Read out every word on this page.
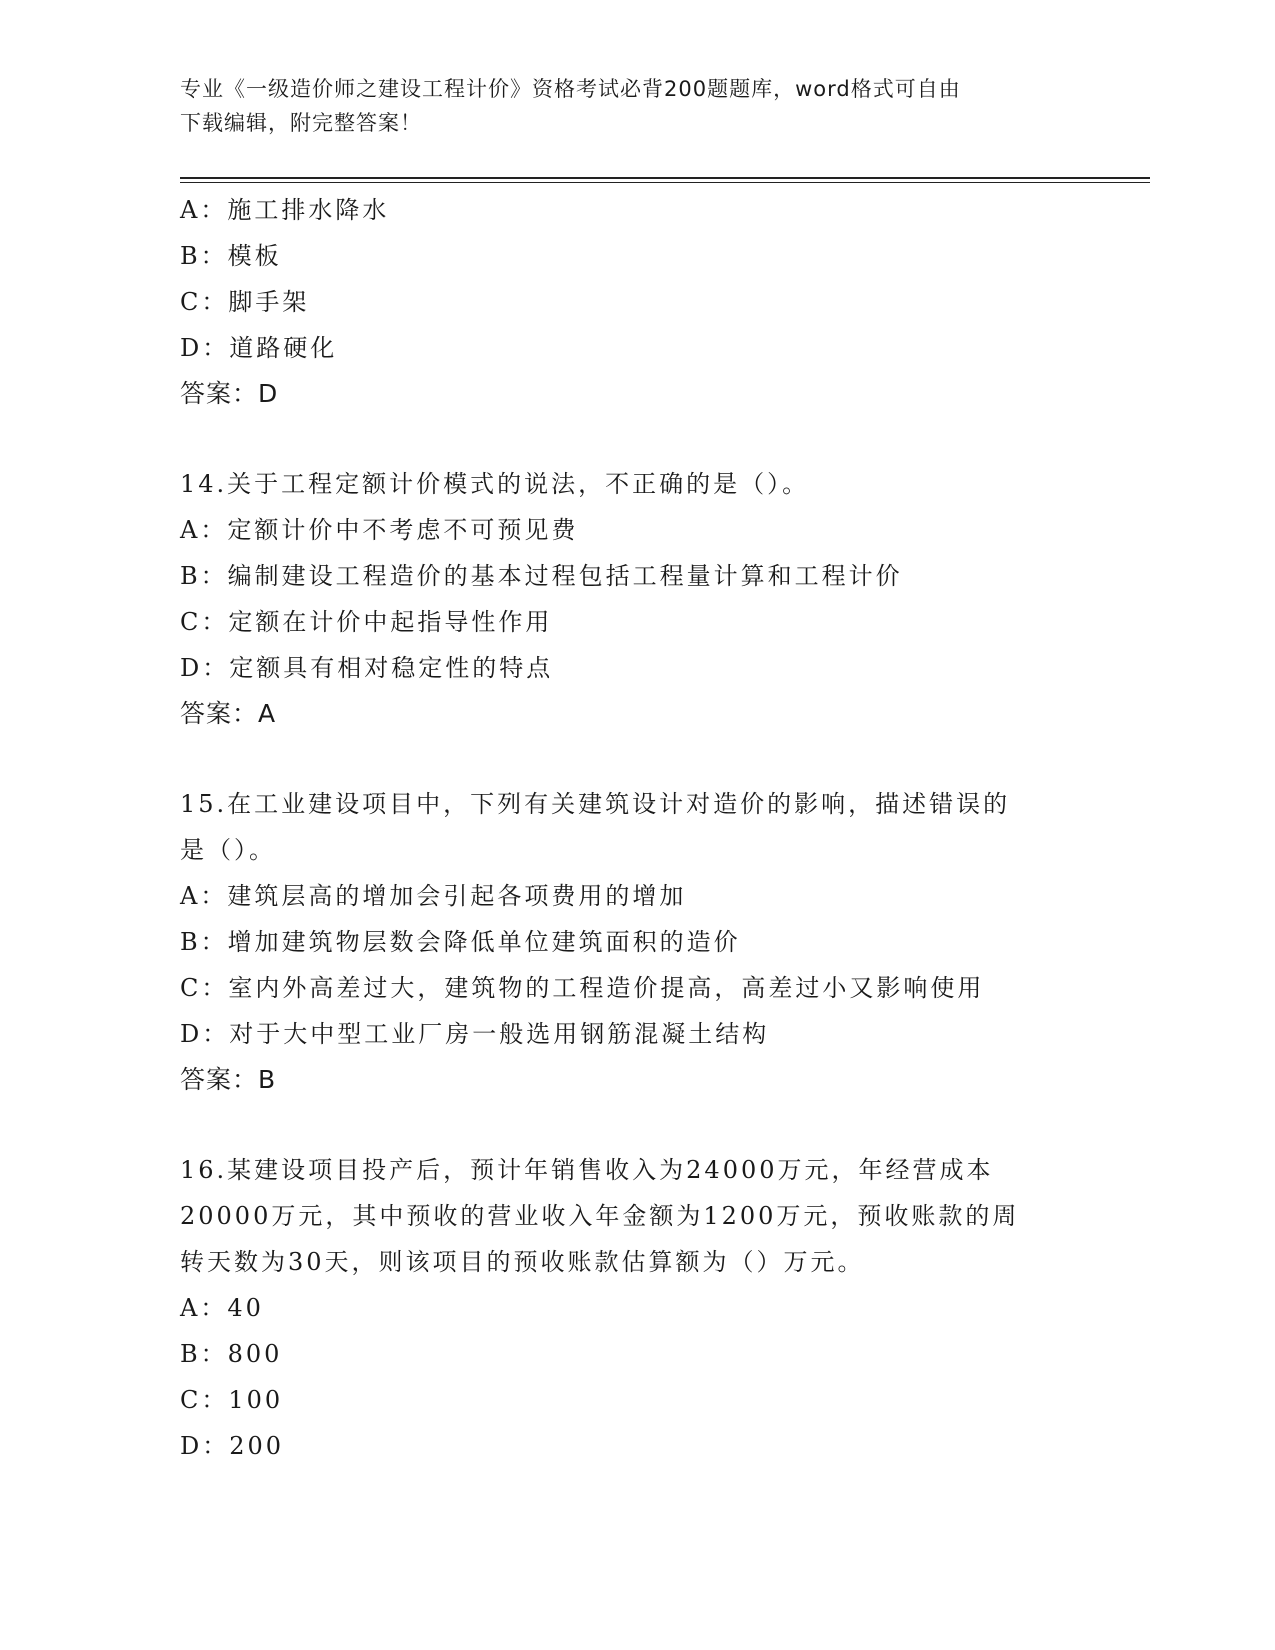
专业《一级造价师之建设工程计价》资格考试必背200题题库，word格式可自由
下载编辑，附完整答案！
A：施工排水降水
B：模板
C：脚手架
D：道路硬化
答案：D
14.关于工程定额计价模式的说法，不正确的是（）。
A：定额计价中不考虑不可预见费
B：编制建设工程造价的基本过程包括工程量计算和工程计价
C：定额在计价中起指导性作用
D：定额具有相对稳定性的特点
答案：A
15.在工业建设项目中，下列有关建筑设计对造价的影响，描述错误的
是（）。
A：建筑层高的增加会引起各项费用的增加
B：增加建筑物层数会降低单位建筑面积的造价
C：室内外高差过大，建筑物的工程造价提高，高差过小又影响使用
D：对于大中型工业厂房一般选用钢筋混凝土结构
答案：B
16.某建设项目投产后，预计年销售收入为24000万元，年经营成本
20000万元，其中预收的营业收入年金额为1200万元，预收账款的周
转天数为30天，则该项目的预收账款估算额为（）万元。
A：40
B：800
C：100
D：200
